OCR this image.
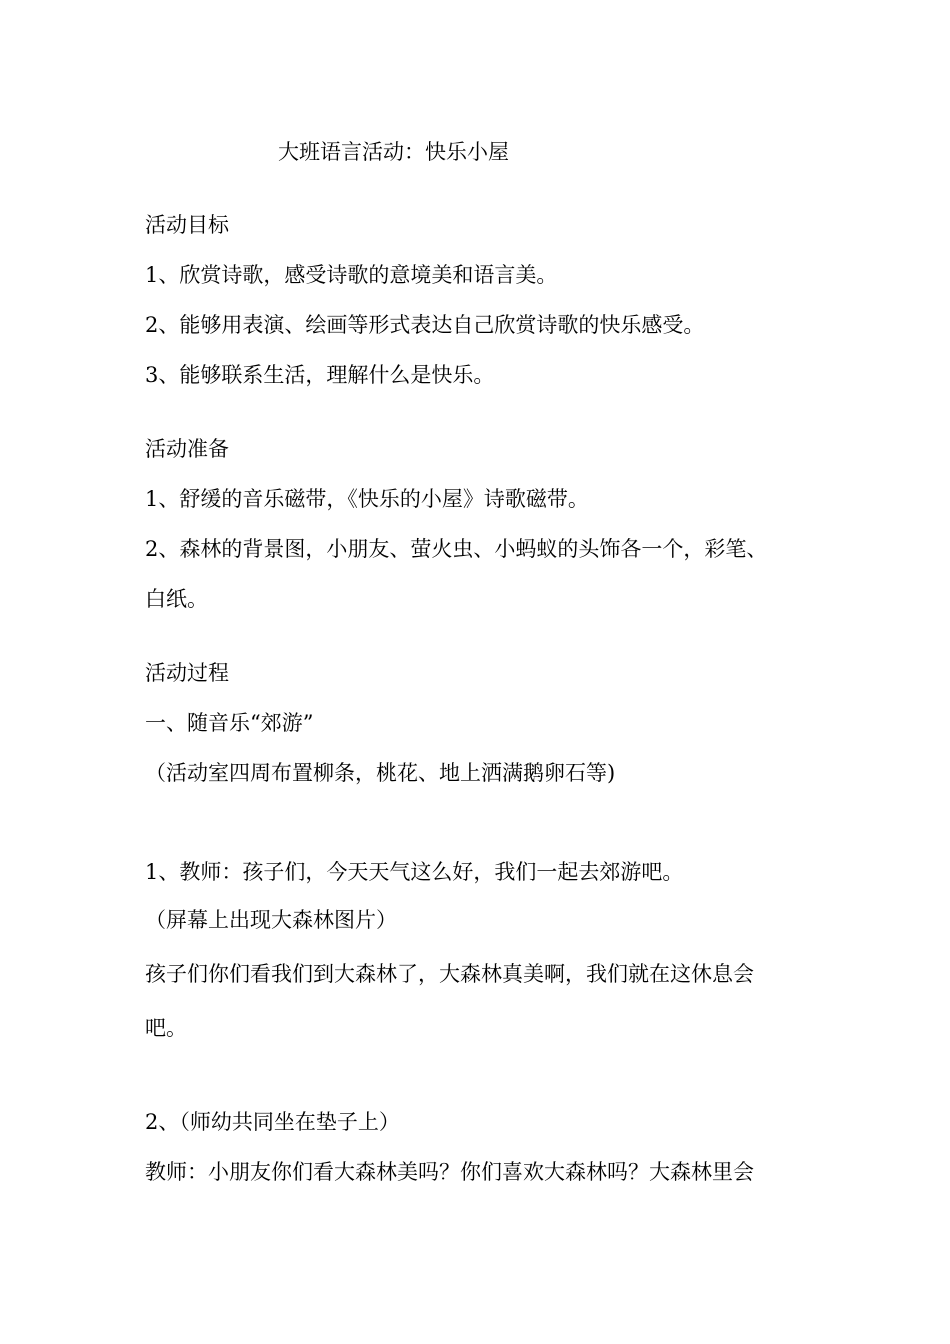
大班语言活动：快乐小屋

活动目标

1、欣赏诗歌，感受诗歌的意境美和语言美。

2、能够用表演、绘画等形式表达自己欣赏诗歌的快乐感受。

3、能够联系生活，理解什么是快乐。

活动准备

1、舒缓的音乐磁带，《快乐的小屋》诗歌磁带。

2、森林的背景图，小朋友、萤火虫、小蚂蚁的头饰各一个，彩笔、

白纸。

活动过程

一、随音乐“郊游”

（活动室四周布置柳条，桃花、地上洒满鹅卵石等)

1、教师：孩子们，今天天气这么好，我们一起去郊游吧。

（屏幕上出现大森林图片）

孩子们你们看我们到大森林了，大森林真美啊，我们就在这休息会

吧。

2、（师幼共同坐在垫子上）

教师：小朋友你们看大森林美吗？你们喜欢大森林吗？大森林里会
